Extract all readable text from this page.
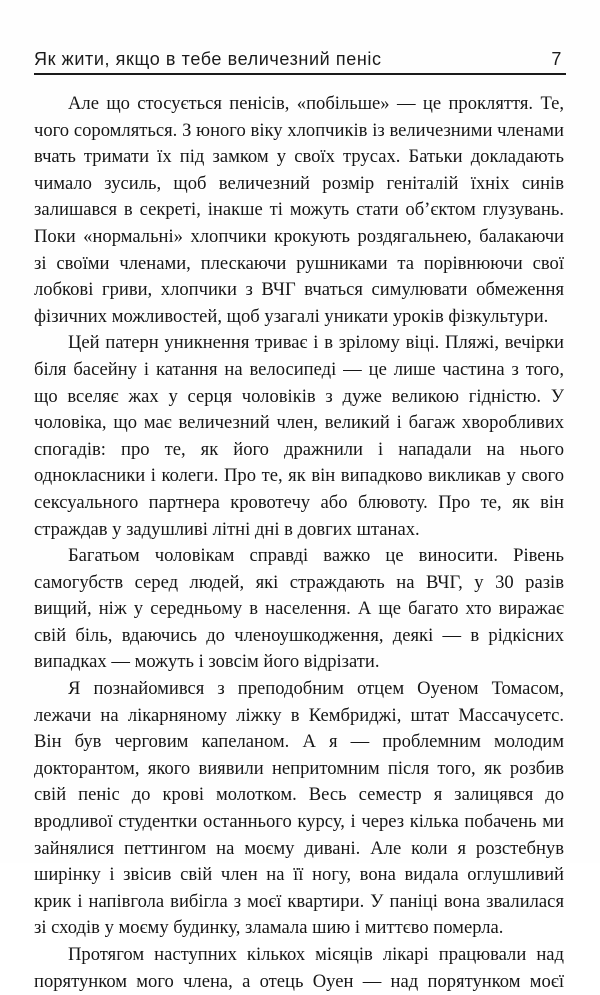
Як жити, якщо в тебе величезний пеніс	7

Але що стосується пенісів, «побільше» — це прокляття. Те, чого соромляться. З юного віку хлопчиків із величезними членами вчать тримати їх під замком у своїх трусах. Батьки докладають чимало зусиль, щоб величезний розмір геніталій їхніх синів залишався в секреті, інакше ті можуть стати об’єктом глузувань. Поки «нормальні» хлопчики крокують роздягальнею, балакаючи зі своїми членами, плескаючи рушниками та порівнюючи свої лобкові гриви, хлопчики з ВЧГ вчаться симулювати обмеження фізичних можливостей, щоб узагалі уникати уроків фізкультури.

Цей патерн уникнення триває і в зрілому віці. Пляжі, вечірки біля басейну і катання на велосипеді — це лише частина з того, що вселяє жах у серця чоловіків з дуже великою гідністю. У чоловіка, що має величезний член, великий і багаж хворобливих спогадів: про те, як його дражнили і нападали на нього однокласники і колеги. Про те, як він випадково викликав у свого сексуального партнера кровотечу або блювоту. Про те, як він страждав у задушливі літні дні в довгих штанах.

Багатьом чоловікам справді важко це виносити. Рівень самогубств серед людей, які страждають на ВЧГ, у 30 разів вищий, ніж у середньому в населення. А ще багато хто виражає свій біль, вдаючись до членоушкодження, деякі — в рідкісних випадках — можуть і зовсім його відрізати.

Я познайомився з преподобним отцем Оуеном Томасом, лежачи на лікарняному ліжку в Кембриджі, штат Массачусетс. Він був черговим капеланом. А я — проблемним молодим докторантом, якого виявили непритомним після того, як розбив свій пеніс до крові молотком. Весь семестр я залицявся до вродливої студентки останнього курсу, і через кілька побачень ми зайнялися петтингом на моєму дивані. Але коли я розстебнув ширінку і звісив свій член на її ногу, вона видала оглушливий крик і напівгола вибігла з моєї квартири. У паніці вона звалилася зі сходів у моєму будинку, зламала шию і миттєво померла.

Протягом наступних кількох місяців лікарі працювали над порятунком мого члена, а отець Оуен — над порятунком моєї
